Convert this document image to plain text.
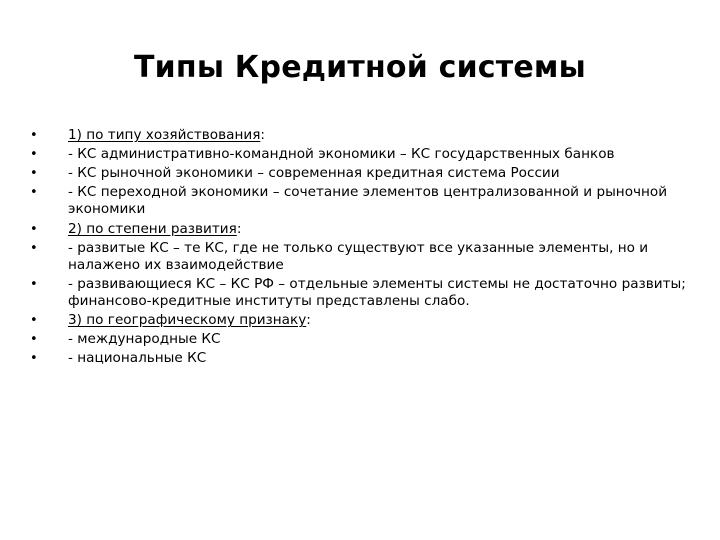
Типы Кредитной системы
•	1) по типу хозяйствования:
•	- КС административно-командной экономики – КС государственных банков
•	- КС рыночной экономики – современная кредитная система России
•	- КС переходной экономики – сочетание элементов централизованной и рыночной экономики
•	2) по степени развития:
•	- развитые КС – те КС, где не только существуют все указанные элементы, но и налажено их взаимодействие
•	- развивающиеся КС – КС РФ – отдельные элементы системы не достаточно развиты; финансово-кредитные институты представлены слабо.
•	3) по географическому признаку:
•	- международные КС
•	- национальные КС
